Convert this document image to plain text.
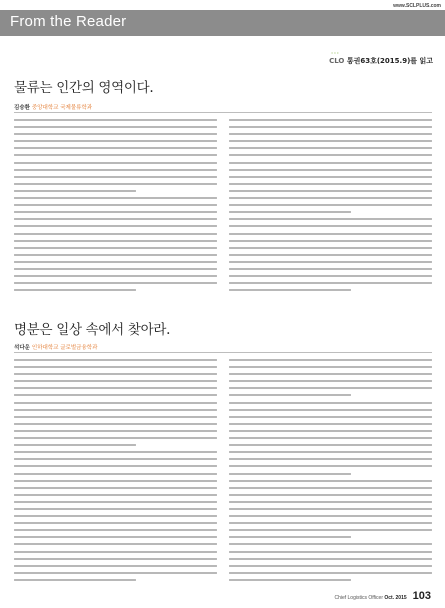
www.SCLPLUS.com
From the Reader
···
CLO 통권63호(2015.9)를 읽고
물류는 인간의 영역이다.
김승환 중앙대학교 국제물류학과
명분은 일상 속에서 찾아라.
석다운 인하대학교 글로벌금융학과
Chief Logistics Officer Oct. 2015 103
